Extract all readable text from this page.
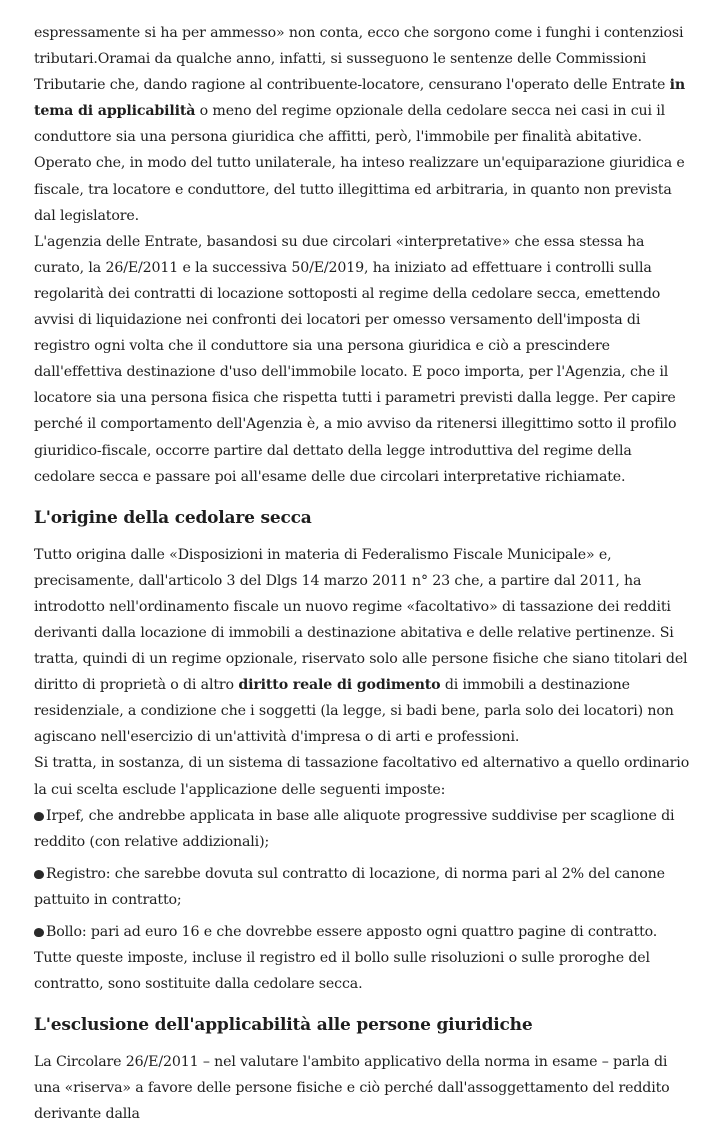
espressamente si ha per ammesso» non conta, ecco che sorgono come i funghi i contenziosi tributari.Oramai da qualche anno, infatti, si susseguono le sentenze delle Commissioni Tributarie che, dando ragione al contribuente-locatore, censurano l'operato delle Entrate in tema di applicabilità o meno del regime opzionale della cedolare secca nei casi in cui il conduttore sia una persona giuridica che affitti, però, l'immobile per finalità abitative. Operato che, in modo del tutto unilaterale, ha inteso realizzare un'equiparazione giuridica e fiscale, tra locatore e conduttore, del tutto illegittima ed arbitraria, in quanto non prevista dal legislatore.

L'agenzia delle Entrate, basandosi su due circolari «interpretative» che essa stessa ha curato, la 26/E/2011 e la successiva 50/E/2019, ha iniziato ad effettuare i controlli sulla regolarità dei contratti di locazione sottoposti al regime della cedolare secca, emettendo avvisi di liquidazione nei confronti dei locatori per omesso versamento dell'imposta di registro ogni volta che il conduttore sia una persona giuridica e ciò a prescindere dall'effettiva destinazione d'uso dell'immobile locato. E poco importa, per l'Agenzia, che il locatore sia una persona fisica che rispetta tutti i parametri previsti dalla legge. Per capire perché il comportamento dell'Agenzia è, a mio avviso da ritenersi illegittimo sotto il profilo giuridico-fiscale, occorre partire dal dettato della legge introduttiva del regime della cedolare secca e passare poi all'esame delle due circolari interpretative richiamate.

L'origine della cedolare secca

Tutto origina dalle «Disposizioni in materia di Federalismo Fiscale Municipale» e, precisamente, dall'articolo 3 del Dlgs 14 marzo 2011 n° 23 che, a partire dal 2011, ha introdotto nell'ordinamento fiscale un nuovo regime «facoltativo» di tassazione dei redditi derivanti dalla locazione di immobili a destinazione abitativa e delle relative pertinenze. Si tratta, quindi di un regime opzionale, riservato solo alle persone fisiche che siano titolari del diritto di proprietà o di altro diritto reale di godimento di immobili a destinazione residenziale, a condizione che i soggetti (la legge, si badi bene, parla solo dei locatori) non agiscano nell'esercizio di un'attività d'impresa o di arti e professioni.

Si tratta, in sostanza, di un sistema di tassazione facoltativo ed alternativo a quello ordinario la cui scelta esclude l'applicazione delle seguenti imposte:

Irpef, che andrebbe applicata in base alle aliquote progressive suddivise per scaglione di reddito (con relative addizionali);

Registro: che sarebbe dovuta sul contratto di locazione, di norma pari al 2% del canone pattuito in contratto;

Bollo: pari ad euro 16 e che dovrebbe essere apposto ogni quattro pagine di contratto.

Tutte queste imposte, incluse il registro ed il bollo sulle risoluzioni o sulle proroghe del contratto, sono sostituite dalla cedolare secca.

L'esclusione dell'applicabilità alle persone giuridiche

La Circolare 26/E/2011 – nel valutare l'ambito applicativo della norma in esame – parla di una «riserva» a favore delle persone fisiche e ciò perché dall'assoggettamento del reddito derivante dalla
